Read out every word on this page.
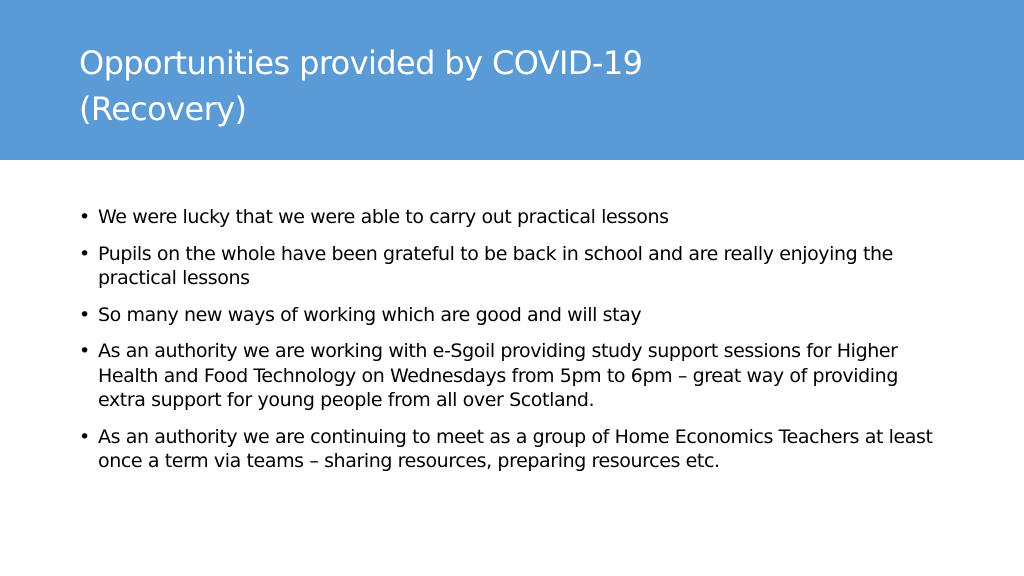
Opportunities provided by COVID-19
(Recovery)
• We were lucky that we were able to carry out practical lessons
• Pupils on the whole have been grateful to be back in school and are really enjoying the practical lessons
• So many new ways of working which are good and will stay
• As an authority we are working with e-Sgoil providing study support sessions for Higher Health and Food Technology on Wednesdays from 5pm to 6pm – great way of providing extra support for young people from all over Scotland.
• As an authority we are continuing to meet as a group of Home Economics Teachers at least once a term via teams – sharing resources, preparing resources etc.
